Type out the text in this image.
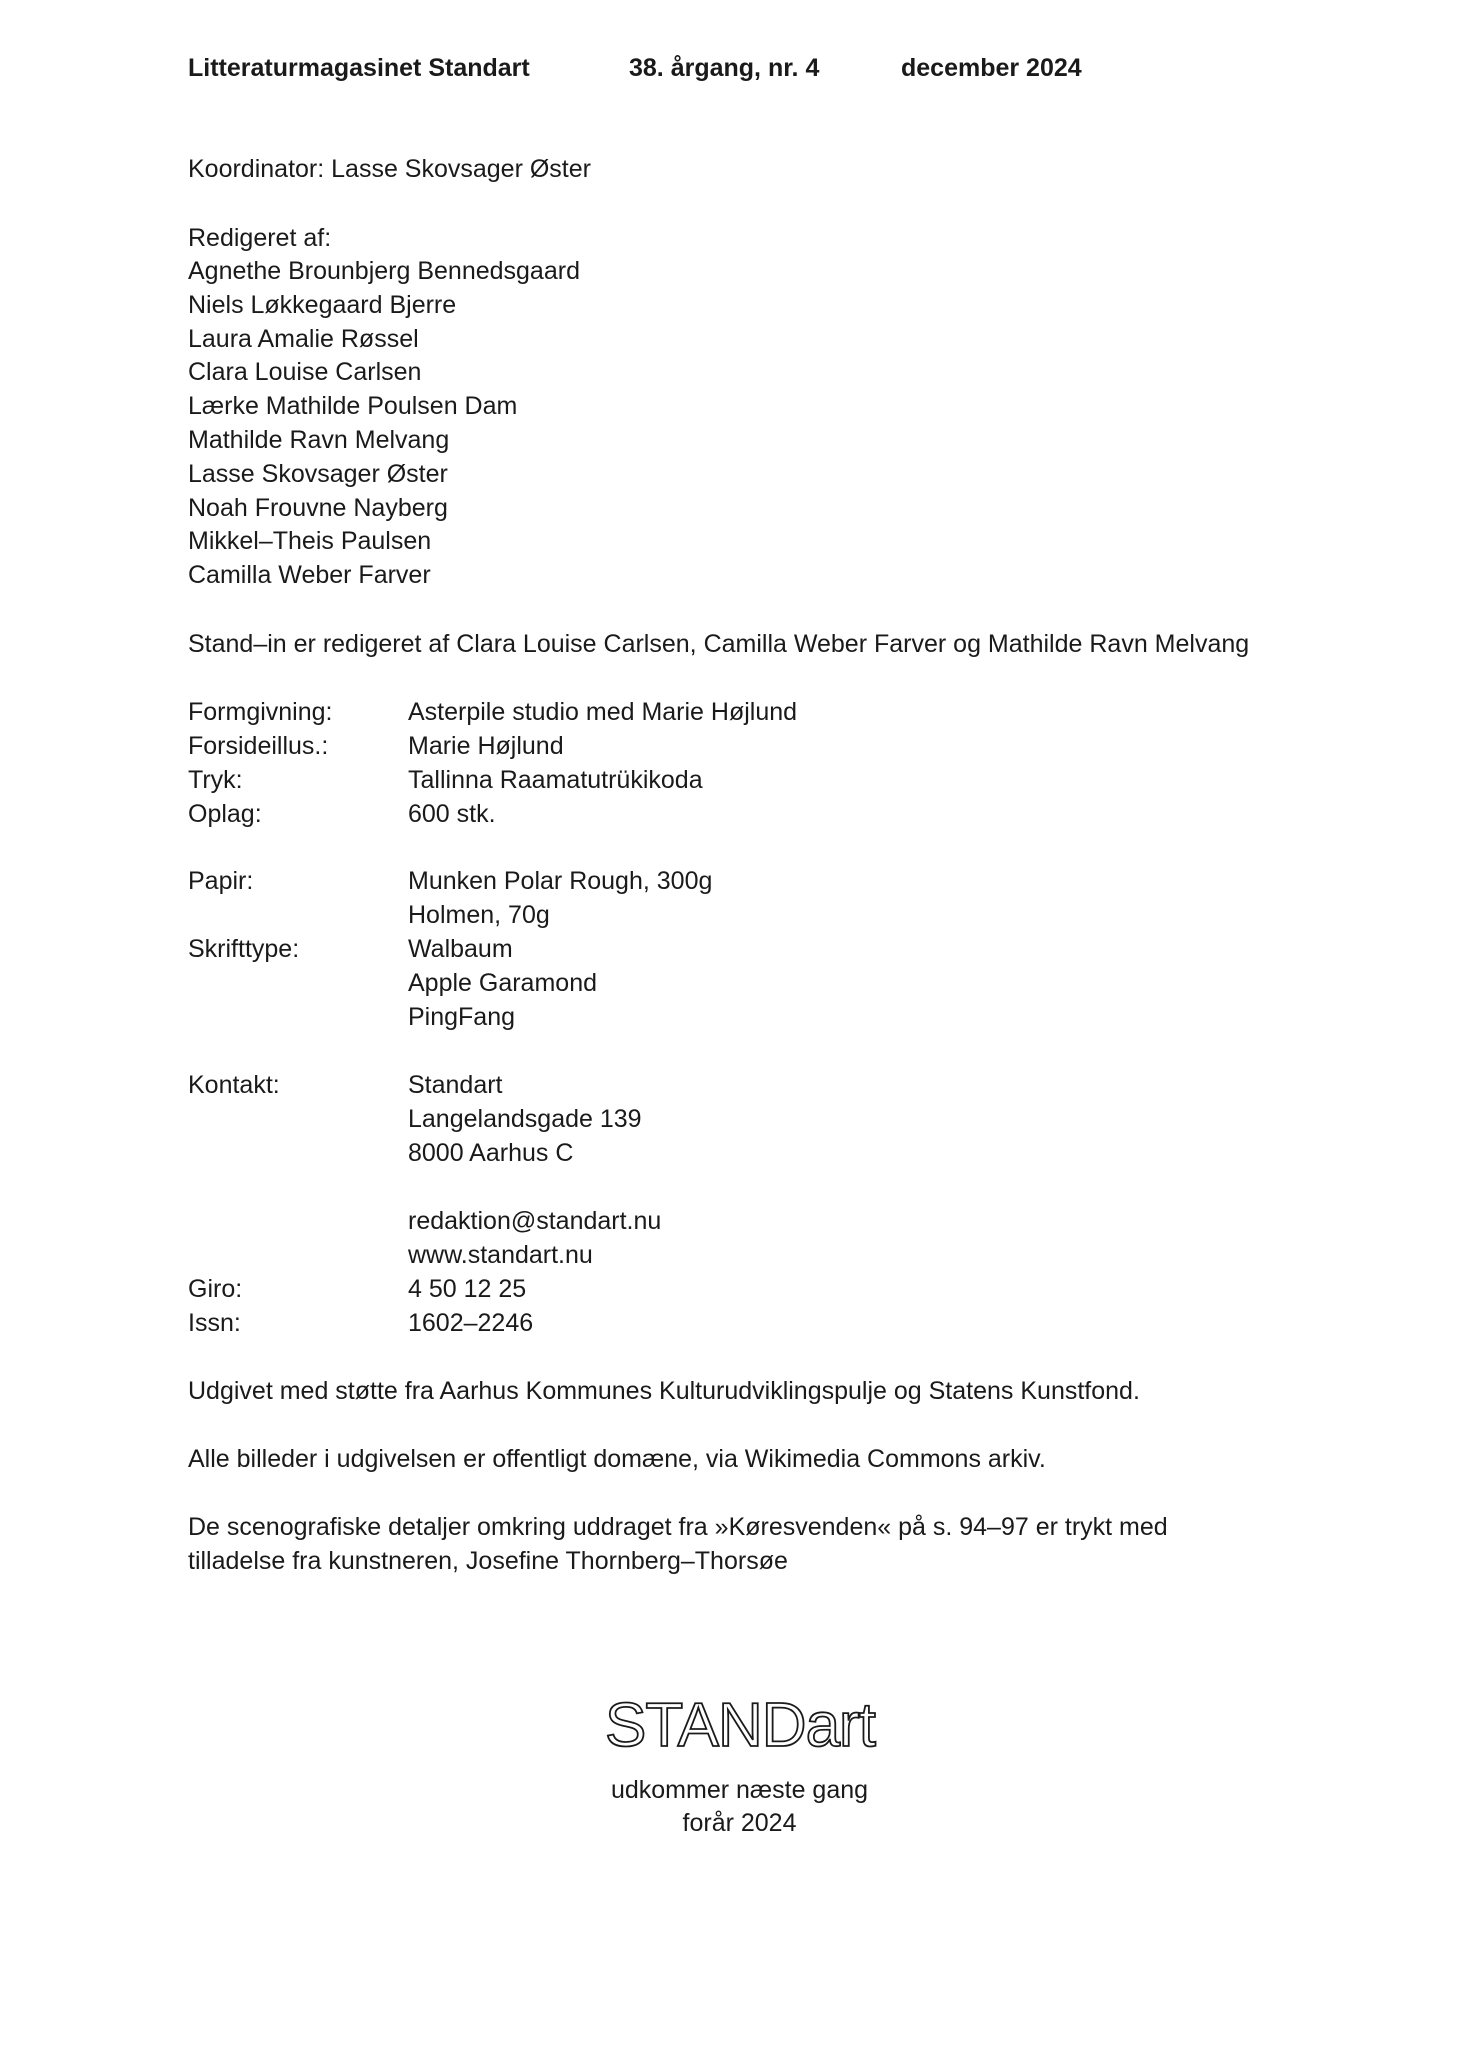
Litteraturmagasinet Standart	38. årgang, nr. 4	december 2024
Koordinator: Lasse Skovsager Øster
Redigeret af:
Agnethe Brounbjerg Bennedsgaard
Niels Løkkegaard Bjerre
Laura Amalie Røssel
Clara Louise Carlsen
Lærke Mathilde Poulsen Dam
Mathilde Ravn Melvang
Lasse Skovsager Øster
Noah Frouvne Nayberg
Mikkel–Theis Paulsen
Camilla Weber Farver
Stand–in er redigeret af Clara Louise Carlsen, Camilla Weber Farver og Mathilde Ravn Melvang
Formgivning:	Asterpile studio med Marie Højlund
Forsideillus.:	Marie Højlund
Tryk:	Tallinna Raamatutrükikoda
Oplag:	600 stk.
Papir:	Munken Polar Rough, 300g
Holmen, 70g
Skrifttype:	Walbaum
Apple Garamond
PingFang
Kontakt:	Standart
Langelandsgade 139
8000 Aarhus C
redaktion@standart.nu
www.standart.nu
Giro:	4 50 12 25
Issn:	1602–2246
Udgivet med støtte fra Aarhus Kommunes Kulturudviklingspulje og Statens Kunstfond.
Alle billeder i udgivelsen er offentligt domæne, via Wikimedia Commons arkiv.
De scenografiske detaljer omkring uddraget fra »Køresvenden« på s. 94–97 er trykt med
tilladelse fra kunstneren, Josefine Thornberg–Thorsøe
STANDart
udkommer næste gang
forår 2024
